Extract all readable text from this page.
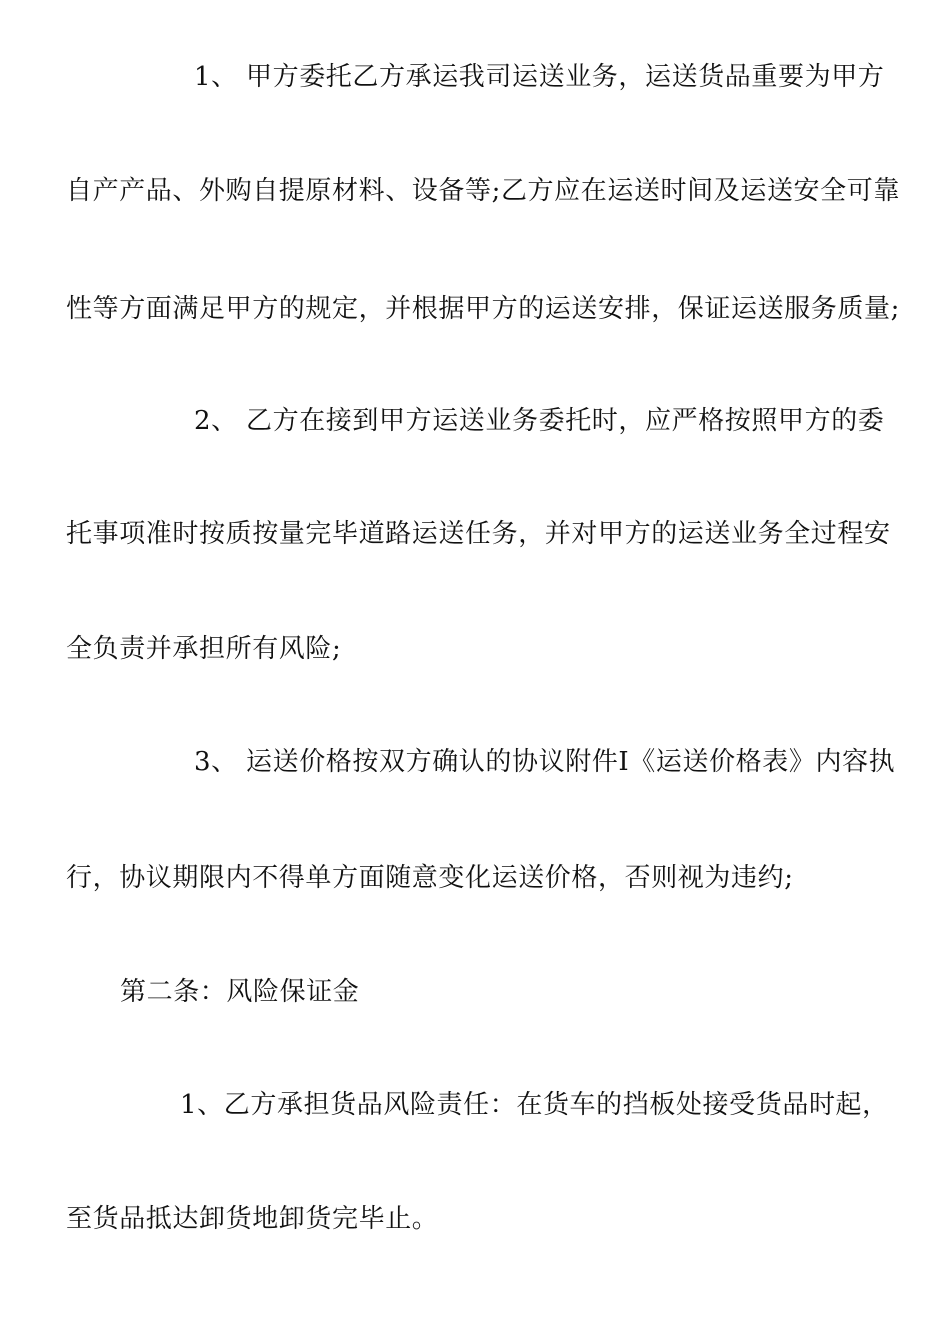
1、 甲方委托乙方承运我司运送业务，运送货品重要为甲方
自产产品、外购自提原材料、设备等;乙方应在运送时间及运送安全可靠
性等方面满足甲方的规定，并根据甲方的运送安排，保证运送服务质量;
2、 乙方在接到甲方运送业务委托时，应严格按照甲方的委
托事项准时按质按量完毕道路运送任务，并对甲方的运送业务全过程安
全负责并承担所有风险;
3、 运送价格按双方确认的协议附件Ⅰ《运送价格表》内容执
行，协议期限内不得单方面随意变化运送价格，否则视为违约;
第二条：风险保证金
1、乙方承担货品风险责任：在货车的挡板处接受货品时起，
至货品抵达卸货地卸货完毕止。
